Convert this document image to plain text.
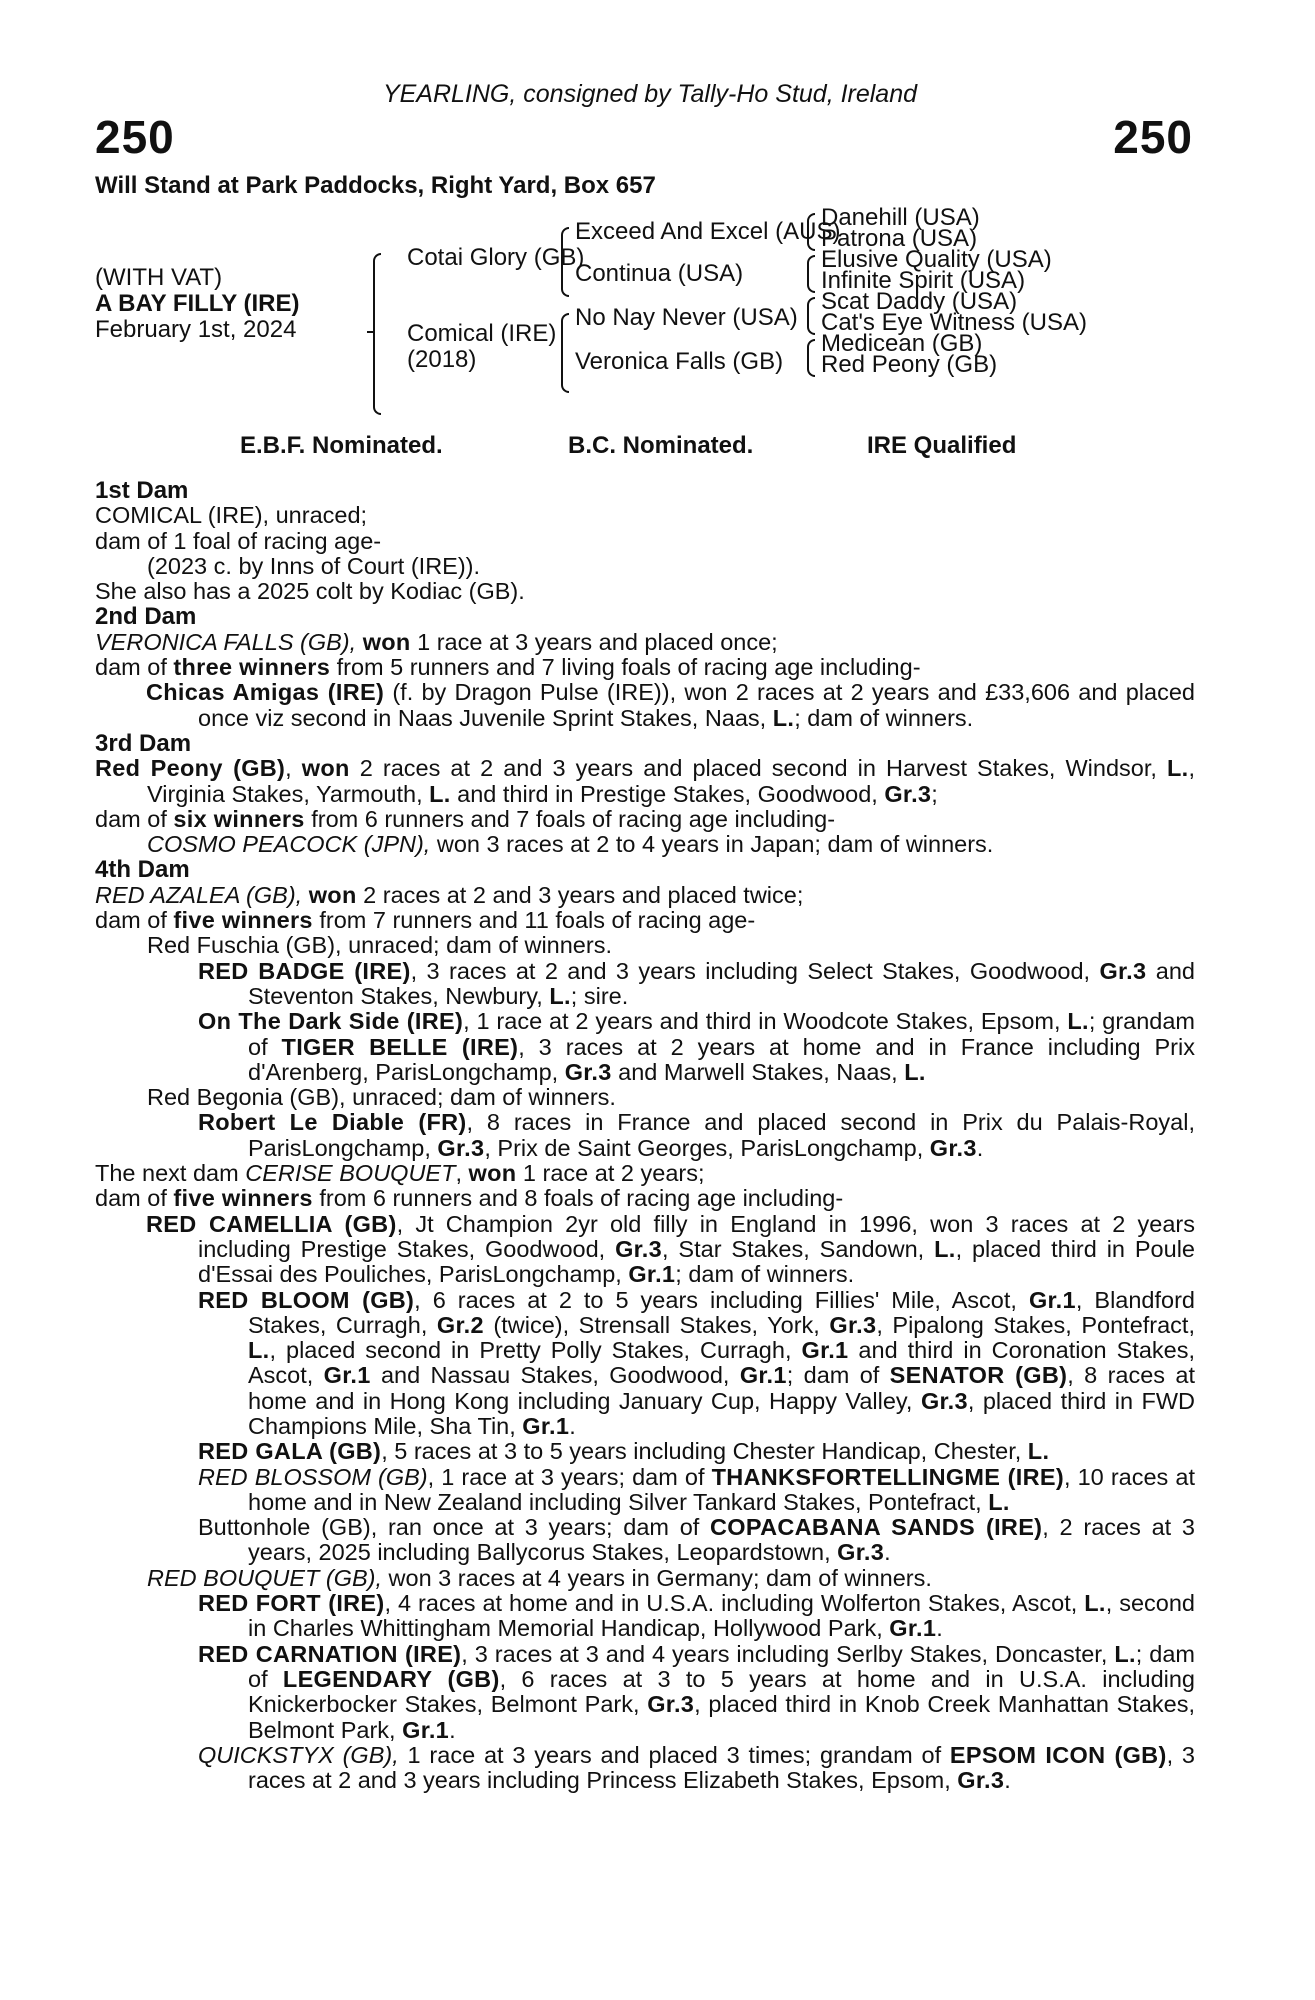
YEARLING, consigned by Tally-Ho Stud, Ireland
250	250
Will Stand at Park Paddocks, Right Yard, Box 657
(WITH VAT)
A BAY FILLY (IRE)
February 1st, 2024
Cotai Glory (GB)
Comical (IRE)
(2018)
Exceed And Excel (AUS)
Continua (USA)
No Nay Never (USA)
Veronica Falls (GB)
Danehill (USA)
Patrona (USA)
Elusive Quality (USA)
Infinite Spirit (USA)
Scat Daddy (USA)
Cat's Eye Witness (USA)
Medicean (GB)
Red Peony (GB)
E.B.F. Nominated.	B.C. Nominated.	IRE Qualified

1st Dam

COMICAL (IRE), unraced;

dam of 1 foal of racing age-

(2023 c. by Inns of Court (IRE)).

She also has a 2025 colt by Kodiac (GB).

2nd Dam

VERONICA FALLS (GB), won 1 race at 3 years and placed once;

dam of three winners from 5 runners and 7 living foals of racing age including-

Chicas Amigas (IRE) (f. by Dragon Pulse (IRE)), won 2 races at 2 years and £33,606 and placed once viz second in Naas Juvenile Sprint Stakes, Naas, L.; dam of winners.

3rd Dam

Red Peony (GB), won 2 races at 2 and 3 years and placed second in Harvest Stakes, Windsor, L., Virginia Stakes, Yarmouth, L. and third in Prestige Stakes, Goodwood, Gr.3;

dam of six winners from 6 runners and 7 foals of racing age including-

COSMO PEACOCK (JPN), won 3 races at 2 to 4 years in Japan; dam of winners.

4th Dam

RED AZALEA (GB), won 2 races at 2 and 3 years and placed twice;

dam of five winners from 7 runners and 11 foals of racing age-

Red Fuschia (GB), unraced; dam of winners.

RED BADGE (IRE), 3 races at 2 and 3 years including Select Stakes, Goodwood, Gr.3 and Steventon Stakes, Newbury, L.; sire.

On The Dark Side (IRE), 1 race at 2 years and third in Woodcote Stakes, Epsom, L.; grandam of TIGER BELLE (IRE), 3 races at 2 years at home and in France including Prix d'Arenberg, ParisLongchamp, Gr.3 and Marwell Stakes, Naas, L.

Red Begonia (GB), unraced; dam of winners.

Robert Le Diable (FR), 8 races in France and placed second in Prix du Palais-Royal, ParisLongchamp, Gr.3, Prix de Saint Georges, ParisLongchamp, Gr.3.

The next dam CERISE BOUQUET, won 1 race at 2 years;

dam of five winners from 6 runners and 8 foals of racing age including-

RED CAMELLIA (GB), Jt Champion 2yr old filly in England in 1996, won 3 races at 2 years including Prestige Stakes, Goodwood, Gr.3, Star Stakes, Sandown, L., placed third in Poule d'Essai des Pouliches, ParisLongchamp, Gr.1; dam of winners.

RED BLOOM (GB), 6 races at 2 to 5 years including Fillies' Mile, Ascot, Gr.1, Blandford Stakes, Curragh, Gr.2 (twice), Strensall Stakes, York, Gr.3, Pipalong Stakes, Pontefract, L., placed second in Pretty Polly Stakes, Curragh, Gr.1 and third in Coronation Stakes, Ascot, Gr.1 and Nassau Stakes, Goodwood, Gr.1; dam of SENATOR (GB), 8 races at home and in Hong Kong including January Cup, Happy Valley, Gr.3, placed third in FWD Champions Mile, Sha Tin, Gr.1.

RED GALA (GB), 5 races at 3 to 5 years including Chester Handicap, Chester, L.

RED BLOSSOM (GB), 1 race at 3 years; dam of THANKSFORTELLINGME (IRE), 10 races at home and in New Zealand including Silver Tankard Stakes, Pontefract, L.

Buttonhole (GB), ran once at 3 years; dam of COPACABANA SANDS (IRE), 2 races at 3 years, 2025 including Ballycorus Stakes, Leopardstown, Gr.3.

RED BOUQUET (GB), won 3 races at 4 years in Germany; dam of winners.

RED FORT (IRE), 4 races at home and in U.S.A. including Wolferton Stakes, Ascot, L., second in Charles Whittingham Memorial Handicap, Hollywood Park, Gr.1.

RED CARNATION (IRE), 3 races at 3 and 4 years including Serlby Stakes, Doncaster, L.; dam of LEGENDARY (GB), 6 races at 3 to 5 years at home and in U.S.A. including Knickerbocker Stakes, Belmont Park, Gr.3, placed third in Knob Creek Manhattan Stakes, Belmont Park, Gr.1.

QUICKSTYX (GB), 1 race at 3 years and placed 3 times; grandam of EPSOM ICON (GB), 3 races at 2 and 3 years including Princess Elizabeth Stakes, Epsom, Gr.3.
